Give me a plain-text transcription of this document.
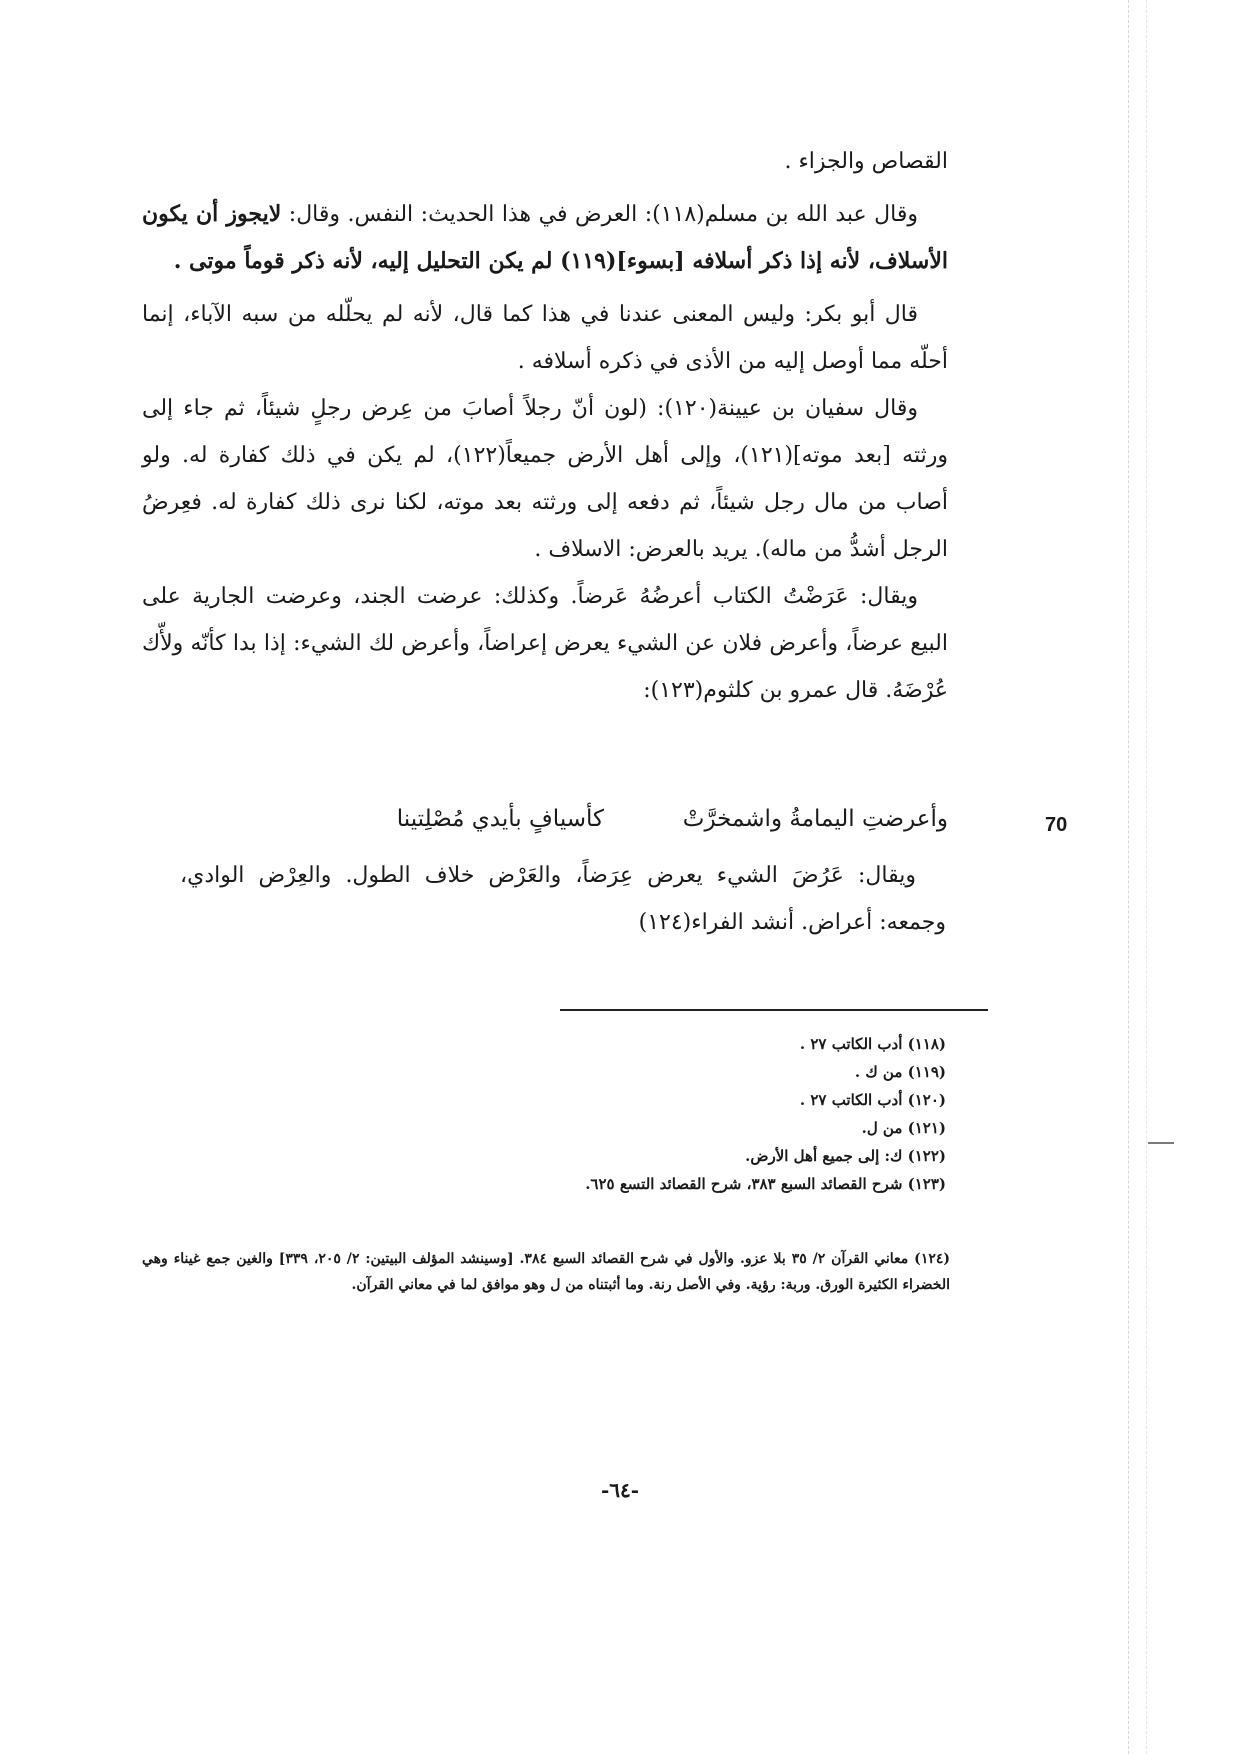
القصاص والجزاء .

وقال عبد الله بن مسلم(١١٨): العرض في هذا الحديث: النفس. وقال: لايجوز أن يكون الأسلاف، لأنه إذا ذكر أسلافه [بسوء](١١٩) لم يكن التحليل إليه، لأنه ذكر قوماً موتى .

قال أبو بكر: وليس المعنى عندنا في هذا كما قال، لأنه لم يحلّله من سبه الآباء، إنما أحلّه مما أوصل إليه من الأذى في ذكره أسلافه .

وقال سفيان بن عيينة(١٢٠): (لون أنّ رجلاً أصابَ من عِرض رجلٍ شيئاً، ثم جاء إلى ورثته [بعد موته](١٢١)، وإلى أهل الأرض جميعاً(١٢٢)، لم يكن في ذلك كفارة له. ولو أصاب من مال رجل شيئاً، ثم دفعه إلى ورثته بعد موته، لكنا نرى ذلك كفارة له. فعِرضُ الرجل أشدُّ من ماله). يريد بالعرض: الاسلاف .

ويقال: عَرَضْتُ الكتاب أعرضُهُ عَرضاً. وكذلك: عرضت الجند، وعرضت الجارية على البيع عرضاً، وأعرض فلان عن الشيء يعرض إعراضاً، وأعرض لك الشيء: إذا بدا كأنّه ولأّك عُرْضَهُ. قال عمرو بن كلثوم(١٢٣):

70
وأعرضتِ اليمامةُ واشمخرَّتْ
كأسيافٍ بأيدي مُصْلِتينا

ويقال: عَرُضَ الشيء يعرض عِرَضاً، والعَرْض خلاف الطول. والعِرْض الوادي، وجمعه: أعراض. أنشد الفراء(١٢٤)

(١١٨) أدب الكاتب ٢٧ .
(١١٩) من ك .
(١٢٠) أدب الكاتب ٢٧ .
(١٢١) من ل.
(١٢٢) ك: إلى جميع أهل الأرض.
(١٢٣) شرح القصائد السبع ٣٨٣، شرح القصائد التسع ٦٢٥.
(١٢٤) معاني القرآن ٢/ ٣٥ بلا عزو. والأول في شرح القصائد السبع ٣٨٤. [وسينشد المؤلف البيتين: ٢/ ٢٠٥، ٣٣٩] والغين جمع غيناء وهي الخضراء الكثيرة الورق. وربة: رؤية. وفي الأصل رنة. وما أثبتناه من ل وهو موافق لما في معاني القرآن.
-٦٤-
